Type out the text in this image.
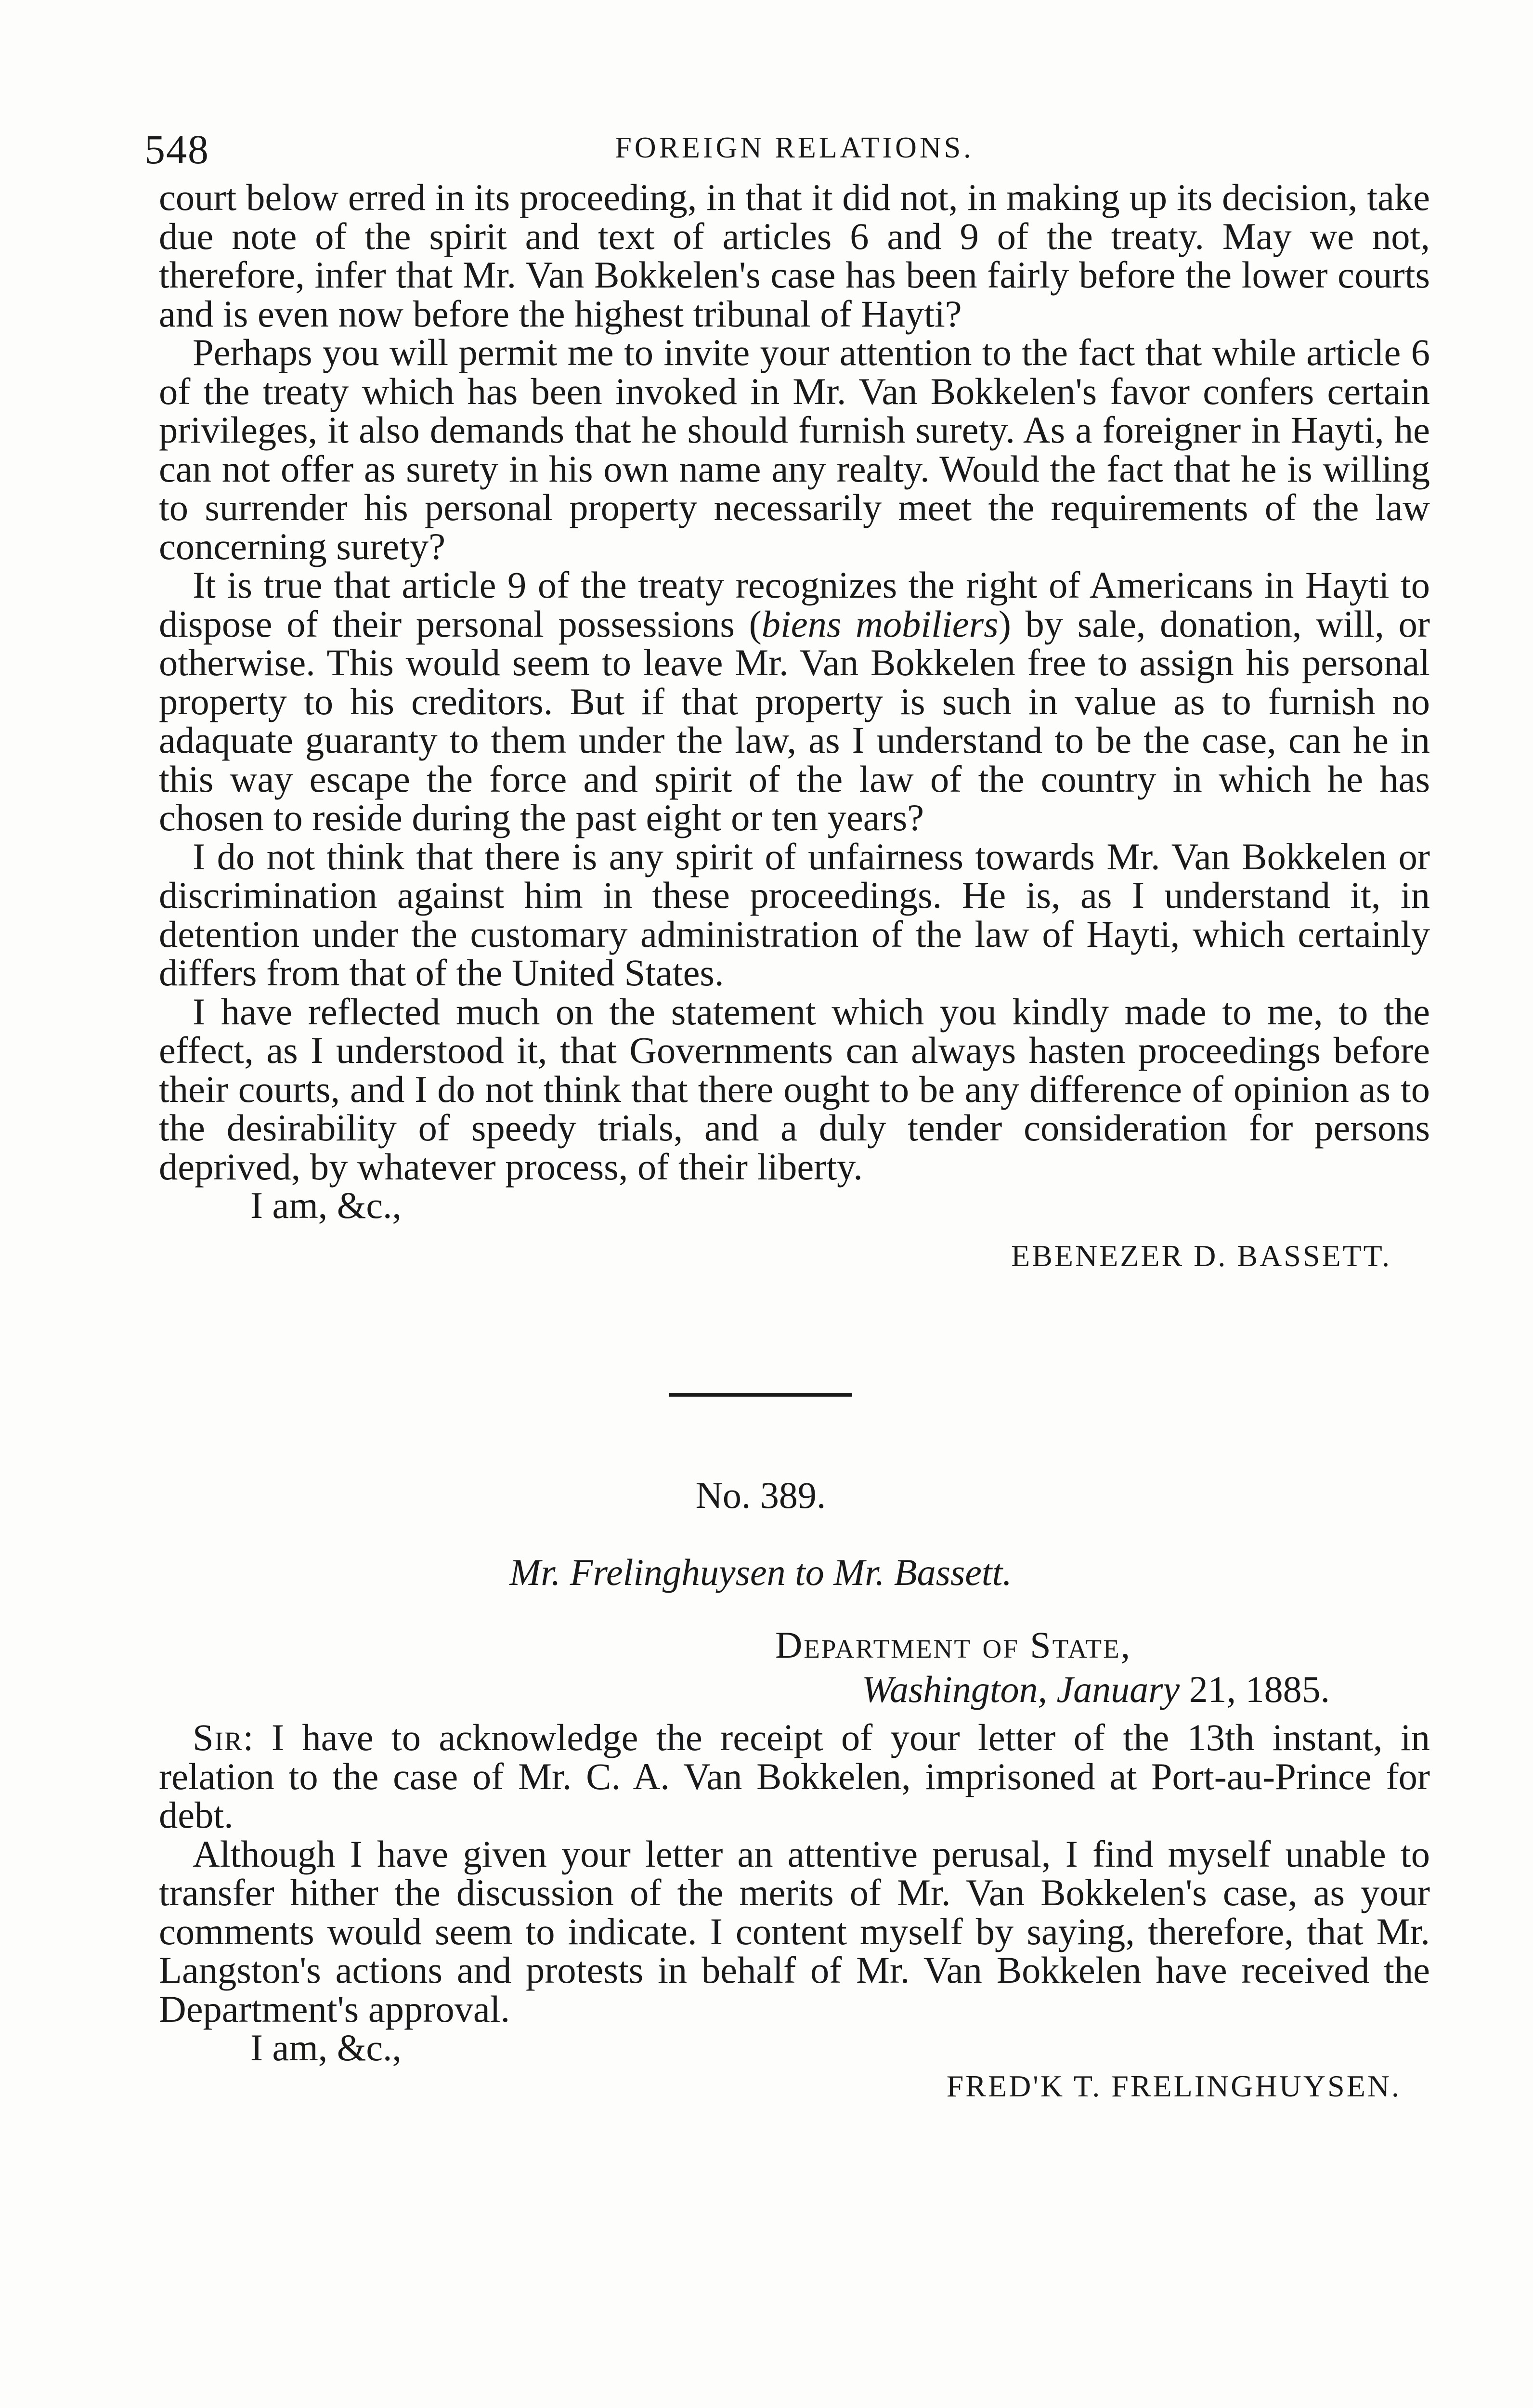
548	FOREIGN RELATIONS.

court below erred in its proceeding, in that it did not, in making up its decision, take due note of the spirit and text of articles 6 and 9 of the treaty. May we not, therefore, infer that Mr. Van Bokkelen's case has been fairly before the lower courts and is even now before the highest tribunal of Hayti?

Perhaps you will permit me to invite your attention to the fact that while article 6 of the treaty which has been invoked in Mr. Van Bokkelen's favor confers certain privileges, it also demands that he should furnish surety. As a foreigner in Hayti, he can not offer as surety in his own name any realty. Would the fact that he is willing to surrender his personal property necessarily meet the requirements of the law concerning surety?

It is true that article 9 of the treaty recognizes the right of Americans in Hayti to dispose of their personal possessions (biens mobiliers) by sale, donation, will, or otherwise. This would seem to leave Mr. Van Bokkelen free to assign his personal property to his creditors. But if that property is such in value as to furnish no adaquate guaranty to them under the law, as I understand to be the case, can he in this way escape the force and spirit of the law of the country in which he has chosen to reside during the past eight or ten years?

I do not think that there is any spirit of unfairness towards Mr. Van Bokkelen or discrimination against him in these proceedings. He is, as I understand it, in detention under the customary administration of the law of Hayti, which certainly differs from that of the United States.

I have reflected much on the statement which you kindly made to me, to the effect, as I understood it, that Governments can always hasten proceedings before their courts, and I do not think that there ought to be any difference of opinion as to the desirability of speedy trials, and a duly tender consideration for persons deprived, by whatever process, of their liberty.

I am, &c.,
EBENEZER D. BASSETT.
No. 389.
Mr. Frelinghuysen to Mr. Bassett.
Department of State,
Washington, January 21, 1885.

Sir: I have to acknowledge the receipt of your letter of the 13th instant, in relation to the case of Mr. C. A. Van Bokkelen, imprisoned at Port-au-Prince for debt.

Although I have given your letter an attentive perusal, I find myself unable to transfer hither the discussion of the merits of Mr. Van Bokkelen's case, as your comments would seem to indicate. I content myself by saying, therefore, that Mr. Langston's actions and protests in behalf of Mr. Van Bokkelen have received the Department's approval.

I am, &c.,
FRED'K T. FRELINGHUYSEN.
